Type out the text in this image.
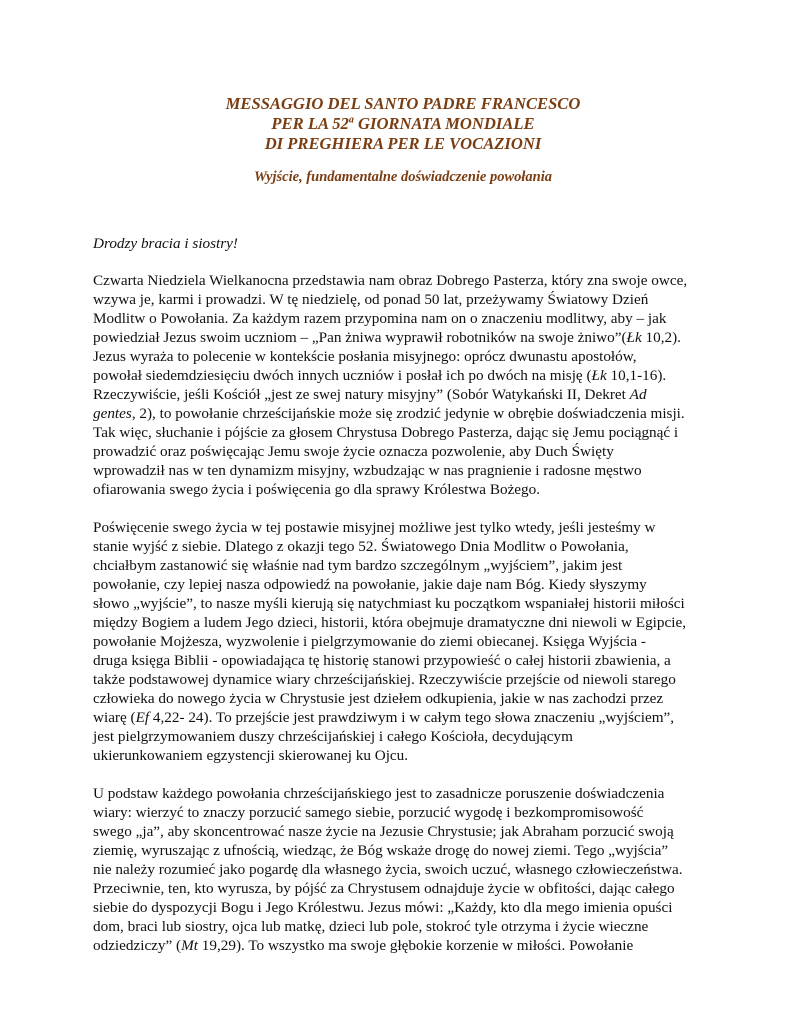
MESSAGGIO DEL SANTO PADRE FRANCESCO
PER LA 52$^a$ GIORNATA MONDIALE
DI PREGHIERA PER LE VOCAZIONI
Wyjście, fundamentalne doświadczenie powołania
Drodzy bracia i siostry!

Czwarta Niedziela Wielkanocna przedstawia nam obraz Dobrego Pasterza, który zna swoje owce,
wzywa je, karmi i prowadzi. W tę niedzielę, od ponad 50 lat, przeżywamy Światowy Dzień
Modlitw o Powołania. Za każdym razem przypomina nam on o znaczeniu modlitwy, aby – jak
powiedział Jezus swoim uczniom – „Pan żniwa wyprawił robotników na swoje żniwo”(Łk 10,2).
Jezus wyraża to polecenie w kontekście posłania misyjnego: oprócz dwunastu apostołów,
powołał siedemdziesięciu dwóch innych uczniów i posłał ich po dwóch na misję (Łk 10,1-16).
Rzeczywiście, jeśli Kościół „jest ze swej natury misyjny” (Sobór Watykański II, Dekret Ad
gentes, 2), to powołanie chrześcijańskie może się zrodzić jedynie w obrębie doświadczenia misji.
Tak więc, słuchanie i pójście za głosem Chrystusa Dobrego Pasterza, dając się Jemu pociągnąć i
prowadzić oraz poświęcając Jemu swoje życie oznacza pozwolenie, aby Duch Święty
wprowadził nas w ten dynamizm misyjny, wzbudzając w nas pragnienie i radosne męstwo
ofiarowania swego życia i poświęcenia go dla sprawy Królestwa Bożego.

Poświęcenie swego życia w tej postawie misyjnej możliwe jest tylko wtedy, jeśli jesteśmy w
stanie wyjść z siebie. Dlatego z okazji tego 52. Światowego Dnia Modlitw o Powołania,
chciałbym zastanowić się właśnie nad tym bardzo szczególnym „wyjściem”, jakim jest
powołanie, czy lepiej nasza odpowiedź na powołanie, jakie daje nam Bóg. Kiedy słyszymy
słowo „wyjście”, to nasze myśli kierują się natychmiast ku początkom wspaniałej historii miłości
między Bogiem a ludem Jego dzieci, historii, która obejmuje dramatyczne dni niewoli w Egipcie,
powołanie Mojżesza, wyzwolenie i pielgrzymowanie do ziemi obiecanej. Księga Wyjścia -
druga księga Biblii - opowiadająca tę historię stanowi przypowieść o całej historii zbawienia, a
także podstawowej dynamice wiary chrześcijańskiej. Rzeczywiście przejście od niewoli starego
człowieka do nowego życia w Chrystusie jest dziełem odkupienia, jakie w nas zachodzi przez
wiarę (Ef 4,22- 24). To przejście jest prawdziwym i w całym tego słowa znaczeniu „wyjściem”,
jest pielgrzymowaniem duszy chrześcijańskiej i całego Kościoła, decydującym
ukierunkowaniem egzystencji skierowanej ku Ojcu.

U podstaw każdego powołania chrześcijańskiego jest to zasadnicze poruszenie doświadczenia
wiary: wierzyć to znaczy porzucić samego siebie, porzucić wygodę i bezkompromisowość
swego „ja”, aby skoncentrować nasze życie na Jezusie Chrystusie; jak Abraham porzucić swoją
ziemię, wyruszając z ufnością, wiedząc, że Bóg wskaże drogę do nowej ziemi. Tego „wyjścia”
nie należy rozumieć jako pogardę dla własnego życia, swoich uczuć, własnego człowieczeństwa.
Przeciwnie, ten, kto wyrusza, by pójść za Chrystusem odnajduje życie w obfitości, dając całego
siebie do dyspozycji Bogu i Jego Królestwu. Jezus mówi: „Każdy, kto dla mego imienia opuści
dom, braci lub siostry, ojca lub matkę, dzieci lub pole, stokroć tyle otrzyma i życie wieczne
odziedziczy” (Mt 19,29). To wszystko ma swoje głębokie korzenie w miłości. Powołanie
